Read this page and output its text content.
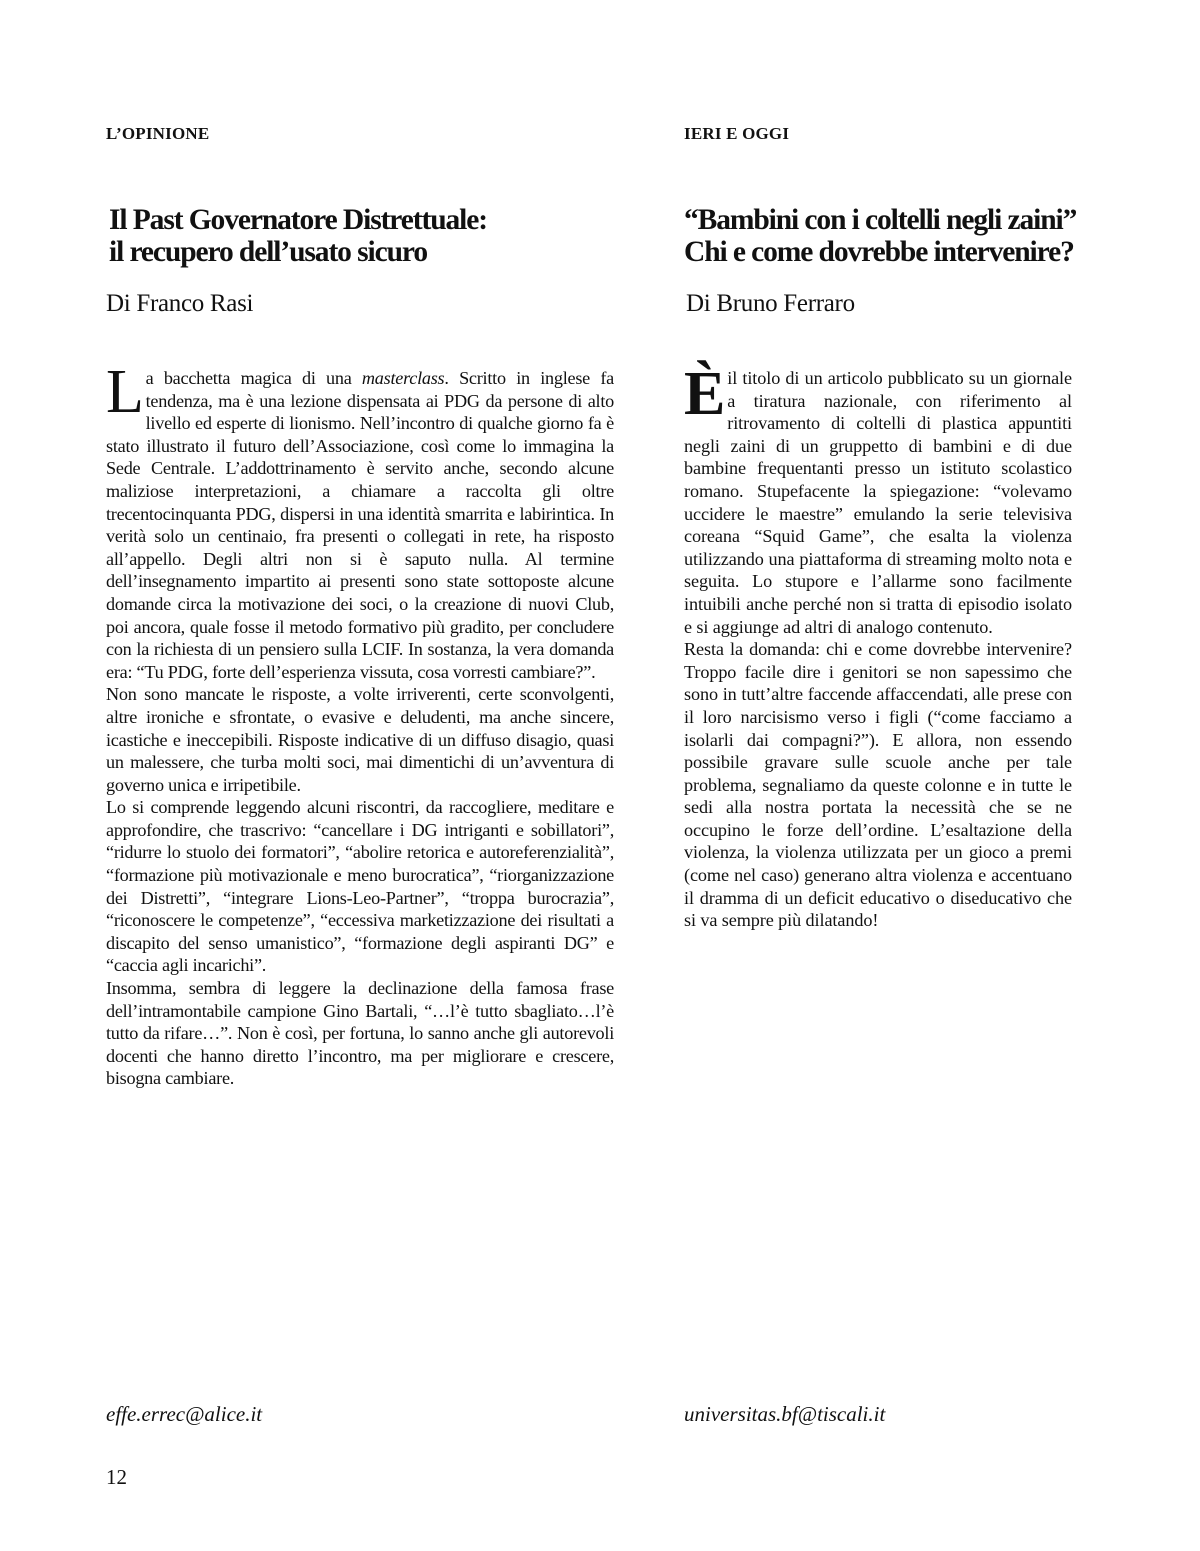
L’OPINIONE
Il Past Governatore Distrettuale:
il recupero dell’usato sicuro
Di Franco Rasi

La bacchetta magica di una masterclass. Scritto in inglese fa tendenza, ma è una lezione dispensata ai PDG da persone di alto livello ed esperte di lionismo. Nell’incontro di qualche giorno fa è stato illustrato il futuro dell’Associazione, così come lo immagina la Sede Centrale. L’addottrinamento è servito anche, secondo alcune maliziose interpretazioni, a chiamare a raccolta gli oltre trecentocinquanta PDG, dispersi in una identità smarrita e labirintica. In verità solo un centinaio, fra presenti o collegati in rete, ha risposto all’appello. Degli altri non si è saputo nulla. Al termine dell’insegnamento impartito ai presenti sono state sottoposte alcune domande circa la motivazione dei soci, o la creazione di nuovi Club, poi ancora, quale fosse il metodo formativo più gradito, per concludere con la richiesta di un pensiero sulla LCIF. In sostanza, la vera domanda era: “Tu PDG, forte dell’esperienza vissuta, cosa vorresti cambiare?”.

Non sono mancate le risposte, a volte irriverenti, certe sconvolgenti, altre ironiche e sfrontate, o evasive e deludenti, ma anche sincere, icastiche e ineccepibili. Risposte indicative di un diffuso disagio, quasi un malessere, che turba molti soci, mai dimentichi di un’avventura di governo unica e irripetibile.

Lo si comprende leggendo alcuni riscontri, da raccogliere, meditare e approfondire, che trascrivo: “cancellare i DG intriganti e sobillatori”, “ridurre lo stuolo dei formatori”, “abolire retorica e autoreferenzialità”, “formazione più motivazionale e meno burocratica”, “riorganizzazione dei Distretti”, “integrare Lions-Leo-Partner”, “troppa burocrazia”, “riconoscere le competenze”, “eccessiva marketizzazione dei risultati a discapito del senso umanistico”, “formazione degli aspiranti DG” e “caccia agli incarichi”.

Insomma, sembra di leggere la declinazione della famosa frase dell’intramontabile campione Gino Bartali, “…l’è tutto sbagliato…l’è tutto da rifare…”. Non è così, per fortuna, lo sanno anche gli autorevoli docenti che hanno diretto l’incontro, ma per migliorare e crescere, bisogna cambiare.

effe.errec@alice.it
IERI E OGGI
“Bambini con i coltelli negli zaini”
Chi e come dovrebbe intervenire?
Di Bruno Ferraro

È il titolo di un articolo pubblicato su un giornale a tiratura nazionale, con riferimento al ritrovamento di coltelli di plastica appuntiti negli zaini di un gruppetto di bambini e di due bambine frequentanti presso un istituto scolastico romano. Stupefacente la spiegazione: “volevamo uccidere le maestre” emulando la serie televisiva coreana “Squid Game”, che esalta la violenza utilizzando una piattaforma di streaming molto nota e seguita. Lo stupore e l’allarme sono facilmente intuibili anche perché non si tratta di episodio isolato e si aggiunge ad altri di analogo contenuto.

Resta la domanda: chi e come dovrebbe intervenire? Troppo facile dire i genitori se non sapessimo che sono in tutt’altre faccende affaccendati, alle prese con il loro narcisismo verso i figli (“come facciamo a isolarli dai compagni?”). E allora, non essendo possibile gravare sulle scuole anche per tale problema, segnaliamo da queste colonne e in tutte le sedi alla nostra portata la necessità che se ne occupino le forze dell’ordine. L’esaltazione della violenza, la violenza utilizzata per un gioco a premi (come nel caso) generano altra violenza e accentuano il dramma di un deficit educativo o diseducativo che si va sempre più dilatando!

universitas.bf@tiscali.it
12
